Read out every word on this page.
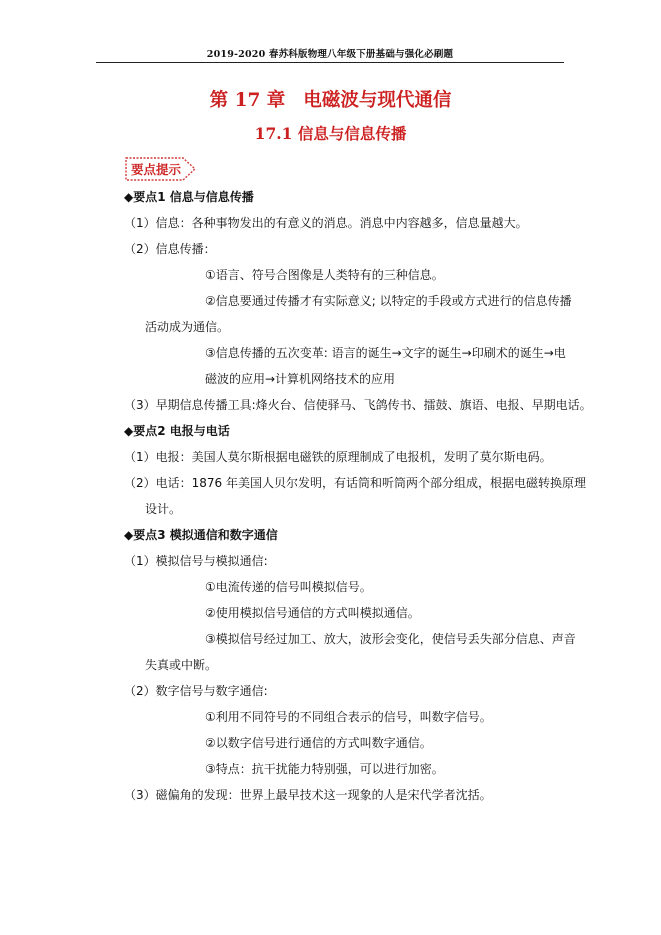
2019-2020 春苏科版物理八年级下册基础与强化必刷题
第 17 章 电磁波与现代通信
17.1 信息与信息传播
要点提示
◆要点1 信息与信息传播
（1）信息：各种事物发出的有意义的消息。消息中内容越多，信息量越大。
（2）信息传播：
①语言、符号合图像是人类特有的三种信息。
②信息要通过传播才有实际意义; 以特定的手段或方式进行的信息传播
活动成为通信。
③信息传播的五次变革: 语言的诞生→文字的诞生→印刷术的诞生→电
磁波的应用→计算机网络技术的应用
（3）早期信息传播工具:烽火台、信使驿马、飞鸽传书、擂鼓、旗语、电报、早期电话。
◆要点2 电报与电话
（1）电报：美国人莫尔斯根据电磁铁的原理制成了电报机，发明了莫尔斯电码。
（2）电话：1876 年美国人贝尔发明，有话筒和听筒两个部分组成，根据电磁转换原理
设计。
◆要点3 模拟通信和数字通信
（1）模拟信号与模拟通信:
①电流传递的信号叫模拟信号。
②使用模拟信号通信的方式叫模拟通信。
③模拟信号经过加工、放大，波形会变化，使信号丢失部分信息、声音
失真或中断。
（2）数字信号与数字通信:
①利用不同符号的不同组合表示的信号，叫数字信号。
②以数字信号进行通信的方式叫数字通信。
③特点：抗干扰能力特别强，可以进行加密。
（3）磁偏角的发现：世界上最早技术这一现象的人是宋代学者沈括。
